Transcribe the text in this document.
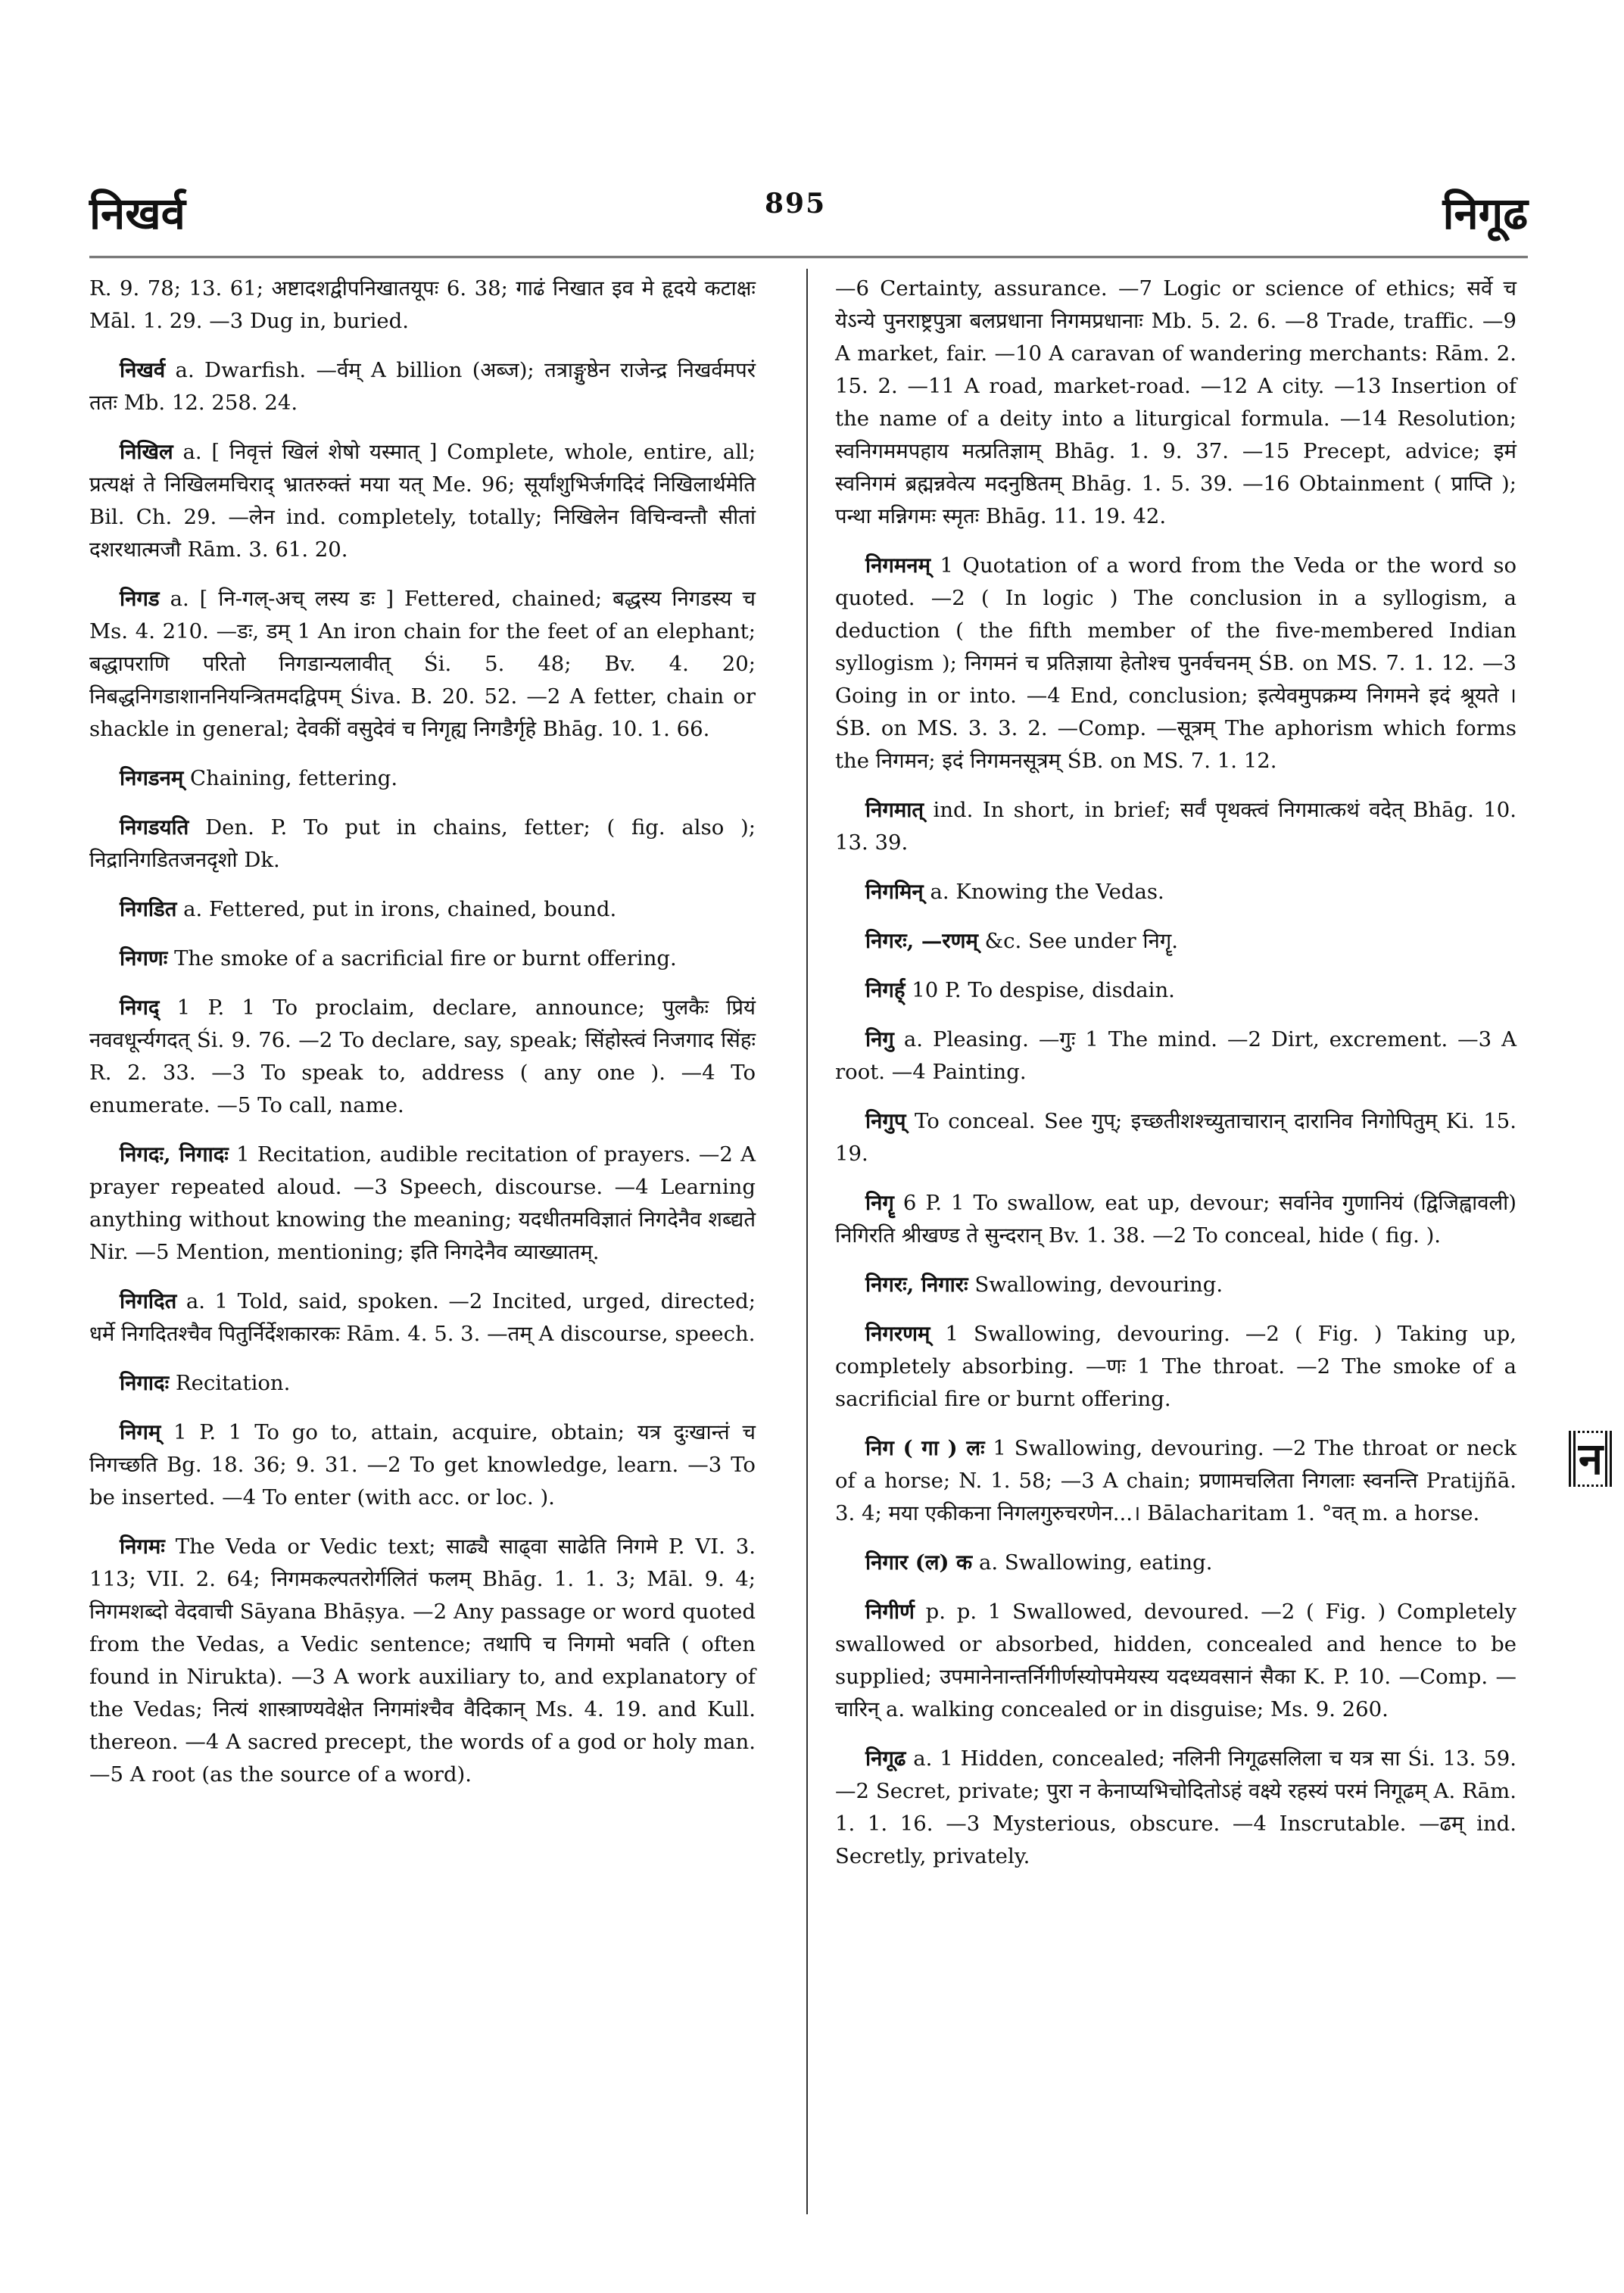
निखर्व	895	निगूढ

R. 9. 78; 13. 61; अष्टादशद्वीपनिखातयूपः 6. 38; गाढं निखात इव मे हृदये कटाक्षः Māl. 1. 29. —3 Dug in, buried.

निखर्व a. Dwarfish. —र्वम् A billion (अब्ज); तत्राङ्गुष्ठेन राजेन्द्र निखर्वमपरं ततः Mb. 12. 258. 24.

निखिल a. [ निवृत्तं खिलं शेषो यस्मात् ] Complete, whole, entire, all; प्रत्यक्षं ते निखिलमचिराद् भ्रातरुक्तं मया यत् Me. 96; सूर्यांशुभिर्जगदिदं निखिलार्थमेति Bil. Ch. 29. —लेन ind. completely, totally; निखिलेन विचिन्वन्तौ सीतां दशरथात्मजौ Rām. 3. 61. 20.

निगड a. [ नि-गल्-अच् लस्य डः ] Fettered, chained; बद्धस्य निगडस्य च Ms. 4. 210. —डः, डम् 1 An iron chain for the feet of an elephant; बद्धापराणि परितो निगडान्यलावीत् Śi. 5. 48; Bv. 4. 20; निबद्धनिगडाशाननियन्त्रितमदद्विपम् Śiva. B. 20. 52. —2 A fetter, chain or shackle in general; देवकीं वसुदेवं च निगृह्य निगडैर्गृहे Bhāg. 10. 1. 66.

निगडनम् Chaining, fettering.

निगडयति Den. P. To put in chains, fetter; ( fig. also ); निद्रानिगडितजनदृशो Dk.

निगडित a. Fettered, put in irons, chained, bound.

निगणः The smoke of a sacrificial fire or burnt offering.

निगद् 1 P. 1 To proclaim, declare, announce; पुलकैः प्रियं नववधूर्न्यगदत् Śi. 9. 76. —2 To declare, say, speak; सिंहोस्त्वं निजगाद सिंहः R. 2. 33. —3 To speak to, address ( any one ). —4 To enumerate. —5 To call, name.

निगदः, निगादः 1 Recitation, audible recitation of prayers. —2 A prayer repeated aloud. —3 Speech, discourse. —4 Learning anything without knowing the meaning; यदधीतमविज्ञातं निगदेनैव शब्द्यते Nir. —5 Mention, mentioning; इति निगदेनैव व्याख्यातम्.

निगदित a. 1 Told, said, spoken. —2 Incited, urged, directed; धर्मे निगदितश्चैव पितुर्निर्देशकारकः Rām. 4. 5. 3. —तम् A discourse, speech.

निगादः Recitation.

निगम् 1 P. 1 To go to, attain, acquire, obtain; यत्र दुःखान्तं च निगच्छति Bg. 18. 36; 9. 31. —2 To get knowledge, learn. —3 To be inserted. —4 To enter (with acc. or loc. ).

निगमः The Veda or Vedic text; साढ्यै साढ्वा साढेति निगमे P. VI. 3. 113; VII. 2. 64; निगमकल्पतरोर्गलितं फलम् Bhāg. 1. 1. 3; Māl. 9. 4; निगमशब्दो वेदवाची Sāyana Bhāṣya. —2 Any passage or word quoted from the Vedas, a Vedic sentence; तथापि च निगमो भवति ( often found in Nirukta). —3 A work auxiliary to, and explanatory of the Vedas; नित्यं शास्त्राण्यवेक्षेत निगमांश्चैव वैदिकान् Ms. 4. 19. and Kull. thereon. —4 A sacred precept, the words of a god or holy man. —5 A root (as the source of a word).

—6 Certainty, assurance. —7 Logic or science of ethics; सर्वे च येऽन्ये पुनराष्ट्रपुत्रा बलप्रधाना निगमप्रधानाः Mb. 5. 2. 6. —8 Trade, traffic. —9 A market, fair. —10 A caravan of wandering merchants: Rām. 2. 15. 2. —11 A road, market-road. —12 A city. —13 Insertion of the name of a deity into a liturgical formula. —14 Resolution; स्वनिगममपहाय मत्प्रतिज्ञाम् Bhāg. 1. 9. 37. —15 Precept, advice; इमं स्वनिगमं ब्रह्मन्नवेत्य मदनुष्ठितम् Bhāg. 1. 5. 39. —16 Obtainment ( प्राप्ति ); पन्था मन्निगमः स्मृतः Bhāg. 11. 19. 42.

निगमनम् 1 Quotation of a word from the Veda or the word so quoted. —2 ( In logic ) The conclusion in a syllogism, a deduction ( the fifth member of the five-membered Indian syllogism ); निगमनं च प्रतिज्ञाया हेतोश्च पुनर्वचनम् ŚB. on MS. 7. 1. 12. —3 Going in or into. —4 End, conclusion; इत्येवमुपक्रम्य निगमने इदं श्रूयते । ŚB. on MS. 3. 3. 2. —Comp. —सूत्रम् The aphorism which forms the निगमन; इदं निगमनसूत्रम् ŚB. on MS. 7. 1. 12.

निगमात् ind. In short, in brief; सर्वं पृथक्त्वं निगमात्कथं वदेत् Bhāg. 10. 13. 39.

निगमिन् a. Knowing the Vedas.

निगरः, —रणम् &c. See under निगॄ.

निगर्ह् 10 P. To despise, disdain.

निगु a. Pleasing. —गुः 1 The mind. —2 Dirt, excrement. —3 A root. —4 Painting.

निगुप् To conceal. See गुप्; इच्छतीशश्च्युताचारान् दारानिव निगोपितुम् Ki. 15. 19.

निगॄ 6 P. 1 To swallow, eat up, devour; सर्वानेव गुणानियं (द्विजिह्वावली) निगिरति श्रीखण्ड ते सुन्दरान् Bv. 1. 38. —2 To conceal, hide ( fig. ).

निगरः, निगारः Swallowing, devouring.

निगरणम् 1 Swallowing, devouring. —2 ( Fig. ) Taking up, completely absorbing. —णः 1 The throat. —2 The smoke of a sacrificial fire or burnt offering.

निग ( गा ) लः 1 Swallowing, devouring. —2 The throat or neck of a horse; N. 1. 58; —3 A chain; प्रणामचलिता निगलाः स्वनन्ति Pratijñā. 3. 4; मया एकीकना निगलगुरुचरणेन...। Bālacharitam 1. °वत् m. a horse.

निगार (ल) क a. Swallowing, eating.

निगीर्ण p. p. 1 Swallowed, devoured. —2 ( Fig. ) Completely swallowed or absorbed, hidden, concealed and hence to be supplied; उपमानेनान्तर्निगीर्णस्योपमेयस्य यदध्यवसानं सैका K. P. 10. —Comp. —चारिन् a. walking concealed or in disguise; Ms. 9. 260.

निगूढ a. 1 Hidden, concealed; नलिनी निगूढसलिला च यत्र सा Śi. 13. 59. —2 Secret, private; पुरा न केनाप्यभिचोदितोऽहं वक्ष्ये रहस्यं परमं निगूढम् A. Rām. 1. 1. 16. —3 Mysterious, obscure. —4 Inscrutable. —ढम् ind. Secretly, privately.

न
